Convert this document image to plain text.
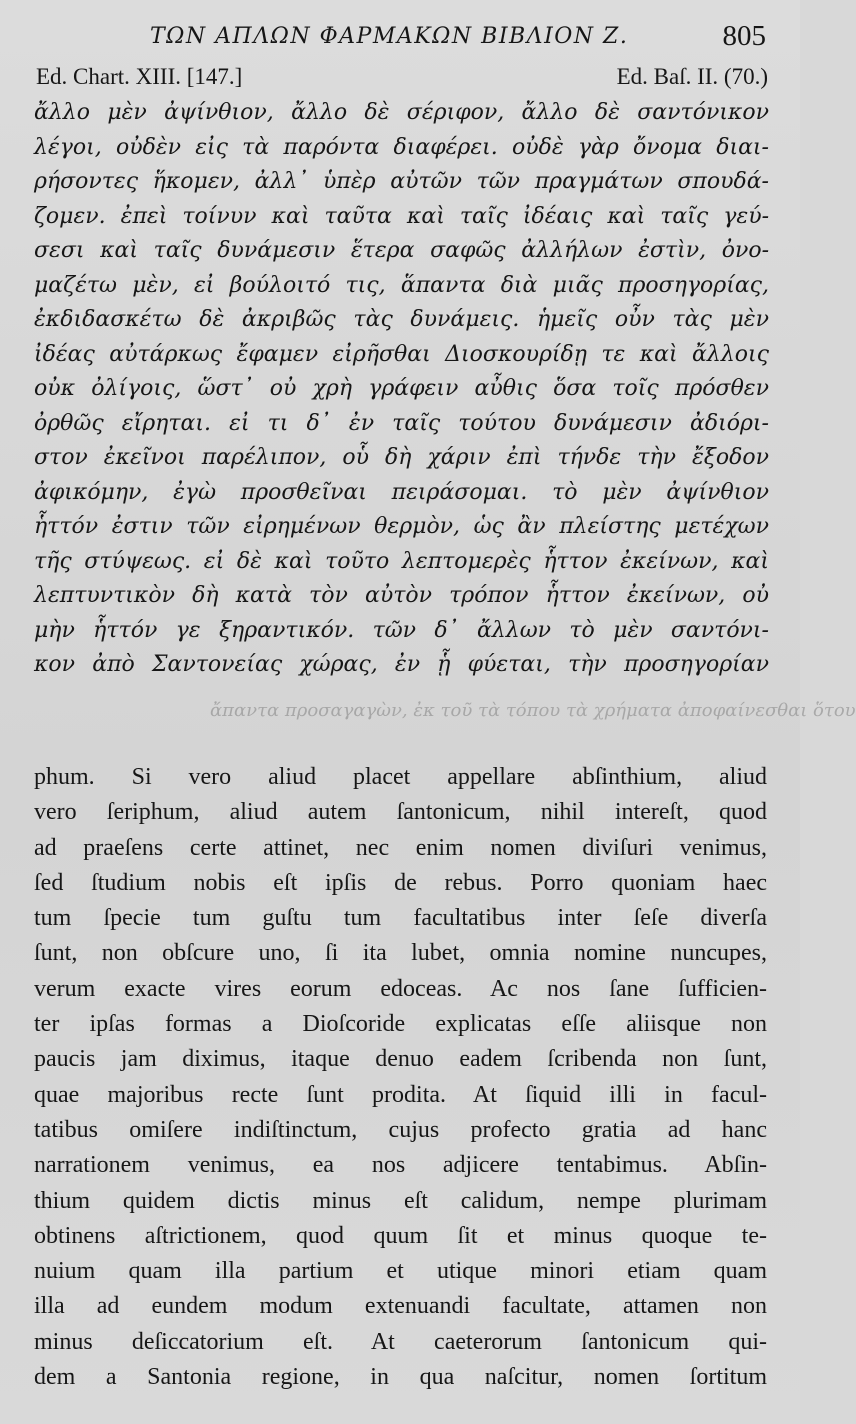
ΤΩΝ ΑΠΛΩΝ ΦΑΡΜΑΚΩΝ ΒΙΒΛΙΟΝ Ζ.	805
Ed. Chart. XIII. [147.]	Ed. Baſ. II. (70.)
ἄλλο μὲν ἀψίνθιον, ἄλλο δὲ σέριφον, ἄλλο δὲ σαντόνικον
λέγοι, οὐδὲν εἰς τὰ παρόντα διαφέρει. οὐδὲ γὰρ ὄνομα διαι-
ρήσοντες ἥκομεν, ἀλλ᾽ ὑπὲρ αὐτῶν τῶν πραγμάτων σπουδά-
ζομεν. ἐπεὶ τοίνυν καὶ ταῦτα καὶ ταῖς ἰδέαις καὶ ταῖς γεύ-
σεσι καὶ ταῖς δυνάμεσιν ἕτερα σαφῶς ἀλλήλων ἐστὶν, ὀνο-
μαζέτω μὲν, εἰ βούλοιτό τις, ἅπαντα διὰ μιᾶς προσηγορίας,
ἐκδιδασκέτω δὲ ἀκριβῶς τὰς δυνάμεις. ἡμεῖς οὖν τὰς μὲν
ἰδέας αὐτάρκως ἔφαμεν εἰρῆσθαι Διοσκουρίδῃ τε καὶ ἄλλοις
οὐκ ὀλίγοις, ὥστ᾽ οὐ χρὴ γράφειν αὖθις ὅσα τοῖς πρόσθεν
ὀρθῶς εἴρηται. εἰ τι δ᾽ ἐν ταῖς τούτου δυνάμεσιν ἀδιόρι-
στον ἐκεῖνοι παρέλιπον, οὗ δὴ χάριν ἐπὶ τήνδε τὴν ἔξοδον
ἀφικόμην, ἐγὼ προσθεῖναι πειράσομαι. τὸ μὲν ἀψίνθιον
ἧττόν ἐστιν τῶν εἰρημένων θερμὸν, ὡς ἂν πλείστης μετέχων
τῆς στύψεως. εἰ δὲ καὶ τοῦτο λεπτομερὲς ἧττον ἐκείνων, καὶ
λεπτυντικὸν δὴ κατὰ τὸν αὐτὸν τρόπον ἧττον ἐκείνων, οὐ
μὴν ἧττόν γε ξηραντικόν. τῶν δ᾽ ἄλλων τὸ μὲν σαντόνι-
κον ἀπὸ Σαντονείας χώρας, ἐν ᾗ φύεται, τὴν προσηγορίαν
ἄπαντα προσαγαγὼν, ἐκ τοῦ τὰ τόπου τὰ χρήματα ἀποφαίνεσθαι ὅτου
phum. Si vero aliud placet appellare abſinthium, aliud
vero ſeriphum, aliud autem ſantonicum, nihil intereſt, quod
ad praeſens certe attinet, nec enim nomen diviſuri venimus,
ſed ſtudium nobis eſt ipſis de rebus. Porro quoniam haec
tum ſpecie tum guſtu tum facultatibus inter ſeſe diverſa
ſunt, non obſcure uno, ſi ita lubet, omnia nomine nuncupes,
verum exacte vires eorum edoceas. Ac nos ſane ſufficien-
ter ipſas formas a Dioſcoride explicatas eſſe aliisque non
paucis jam diximus, itaque denuo eadem ſcribenda non ſunt,
quae majoribus recte ſunt prodita. At ſiquid illi in facul-
tatibus omiſere indiſtinctum, cujus profecto gratia ad hanc
narrationem venimus, ea nos adjicere tentabimus. Abſin-
thium quidem dictis minus eſt calidum, nempe plurimam
obtinens aſtrictionem, quod quum ſit et minus quoque te-
nuium quam illa partium et utique minori etiam quam
illa ad eundem modum extenuandi facultate, attamen non
minus deſiccatorium eſt. At caeterorum ſantonicum qui-
dem a Santonia regione, in qua naſcitur, nomen ſortitum
